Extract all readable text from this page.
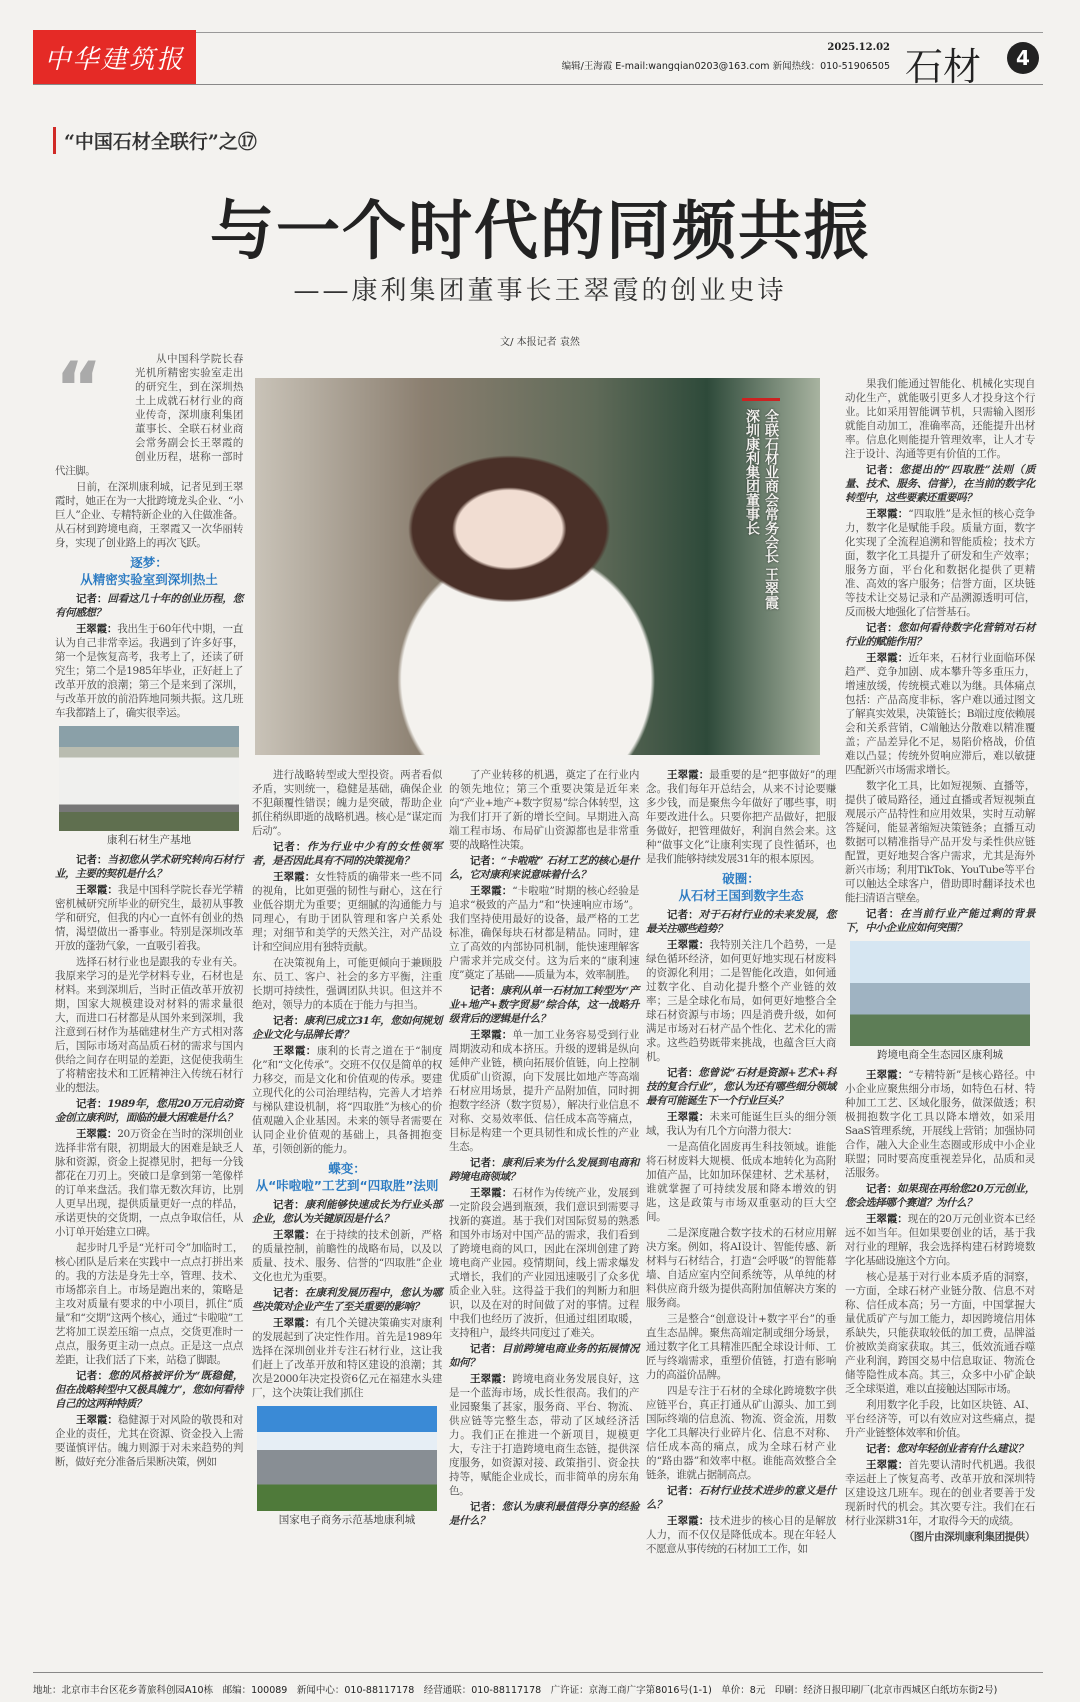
中华建筑报	2025.12.02
编辑/王海霞 E-mail:wangqian0203@163.com 新闻热线：010-51906505 石材	4
“中国石材全联行”之⑰
与一个时代的同频共振
——康利集团董事长王翠霞的创业史诗
文/ 本报记者 袁然
“	从中国科学院长春光机所精密实验室走出的研究生，到在深圳热土上成就石材行业的商业传奇，深圳康利集团董事长、全联石材业商会常务副会长王翠霞的创业历程，堪称一部时代注脚。

日前，在深圳康利城，记者见到王翠霞时，她正在为一大批跨境龙头企业、“小巨人”企业、专精特新企业的入住做准备。从石材到跨境电商，王翠霞又一次华丽转身，实现了创业路上的再次飞跃。

逐梦：
从精密实验室到深圳热土

记者：回看这几十年的创业历程，您有何感想？

王翠霞：我出生于60年代中期，一直认为自己非常幸运。我遇到了许多好事，第一个是恢复高考，我考上了，还读了研究生；第二个是1985年毕业，正好赶上了改革开放的浪潮；第三个是来到了深圳，与改革开放的前沿阵地同频共振。这几班车我都踏上了，确实很幸运。

康利石材生产基地

记者：当初您从学术研究转向石材行业，主要的契机是什么？

王翠霞：我是中国科学院长春光学精密机械研究所毕业的研究生，最初从事教学和研究，但我的内心一直怀有创业的热情，渴望做出一番事业。特别是深圳改革开放的蓬勃气象，一直吸引着我。

选择石材行业也是跟我的专业有关。我原来学习的是光学材料专业，石材也是材料。来到深圳后，当时正值改革开放初期，国家大规模建设对材料的需求量很大，而进口石材都是从国外来到深圳，我注意到石材作为基础建材生产方式相对落后，国际市场对高品质石材的需求与国内供给之间存在明显的差距，这促使我萌生了将精密技术和工匠精神注入传统石材行业的想法。

记者：1989年，您用20万元启动资金创立康利时，面临的最大困难是什么？

王翠霞：20万资金在当时的深圳创业选择非常有限，初期最大的困难是缺乏人脉和资源，资金上捉襟见肘，把每一分钱都花在刀刃上。突破口是拿到第一笔像样的订单来盘活。我们靠无数次拜访，比别人更早出现，提供质量更好一点的样品，承诺更快的交货期，一点点争取信任，从小订单开始建立口碑。

起步时几乎是“光杆司令”加临时工，核心团队是后来在实践中一点点打拼出来的。我的方法是身先士卒，管理、技术、市场都亲自上。市场是跑出来的，策略是主攻对质量有要求的中小项目，抓住“质量”和“交期”这两个核心，通过“卡啦啦”工艺将加工误差压缩一点点，交货更准时一点点，服务更主动一点点。正是这一点点差距，让我们活了下来，站稳了脚跟。

记者：您的风格被评价为“既稳健，但在战略转型中又极具魄力”，您如何看待自己的这两种特质？

王翠霞：稳健源于对风险的敬畏和对企业的责任，尤其在资源、资金投入上需要谨慎评估。魄力则源于对未来趋势的判断，做好充分准备后果断决策，例如

全联石材业商会常务会长 王翠霞
深圳康利集团董事长

进行战略转型或大型投资。两者看似矛盾，实则统一，稳健是基础，确保企业不犯颠覆性错误；魄力是突破，帮助企业抓住稍纵即逝的战略机遇。核心是“谋定而后动”。

记者：作为行业中少有的女性领军者，是否因此具有不同的决策视角？

王翠霞：女性特质的确带来一些不同的视角，比如更强的韧性与耐心，这在行业低谷期尤为重要；更细腻的沟通能力与同理心，有助于团队管理和客户关系处理；对细节和美学的天然关注，对产品设计和空间应用有独特贡献。

在决策视角上，可能更倾向于兼顾股东、员工、客户、社会的多方平衡，注重长期可持续性，强调团队共识。但这并不绝对，领导力的本质在于能力与担当。

记者：康利已成立31年，您如何规划企业文化与品牌长青？

王翠霞：康利的长青之道在于“制度化”和“文化传承”。交班不仅仅是简单的权力移交，而是文化和价值观的传承。要建立现代化的公司治理结构，完善人才培养与梯队建设机制，将“四取胜”为核心的价值观融入企业基因。未来的领导者需要在认同企业价值观的基础上，具备拥抱变革，引领创新的能力。

蝶变：
从“咔啦啦”工艺到“四取胜”法则

记者：康利能够快速成长为行业头部企业，您认为关键原因是什么？

王翠霞：在于持续的技术创新，严格的质量控制，前瞻性的战略布局，以及以质量、技术、服务、信誉的“四取胜”企业文化也尤为重要。

记者：在康利发展历程中，您认为哪些决策对企业产生了至关重要的影响？

王翠霞：有几个关键决策确实对康利的发展起到了决定性作用。首先是1989年选择在深圳创业并专注石材行业，这让我们赶上了改革开放和特区建设的浪潮；其次是2000年决定投资6亿元在福建水头建厂，这个决策让我们抓住

国家电子商务示范基地康利城

了产业转移的机遇，奠定了在行业内的领先地位；第三个重要决策是近年来向“产业+地产+数字贸易”综合体转型，这为我们打开了新的增长空间。早期进入高端工程市场、布局矿山资源都也是非常重要的战略性决策。

记者：“卡啦啦” 石材工艺的核心是什么，它对康利来说意味着什么？

王翠霞：“卡啦啦”时期的核心经验是追求“极致的产品力”和“快速响应市场”。我们坚持使用最好的设备，最严格的工艺标准，确保每块石材都是精品。同时，建立了高效的内部协同机制，能快速理解客户需求并完成交付。这为后来的“康利速度”奠定了基础——质量为本，效率制胜。

记者：康利从单一石材加工转型为“产业+地产+数字贸易”综合体，这一战略升级背后的逻辑是什么？

王翠霞：单一加工业务容易受到行业周期波动和成本挤压。升级的逻辑是纵向延伸产业链，横向拓展价值链，向上控制优质矿山资源，向下发展比如地产等高端石材应用场景，提升产品附加值，同时拥抱数字经济（数字贸易），解决行业信息不对称、交易效率低、信任成本高等痛点，目标是构建一个更具韧性和成长性的产业生态。

记者：康利后来为什么发展到电商和跨境电商领域？

王翠霞：石材作为传统产业，发展到一定阶段会遇到瓶颈，我们意识到需要寻找新的赛道。基于我们对国际贸易的熟悉和国外市场对中国产品的需求，我们看到了跨境电商的风口，因此在深圳创建了跨境电商产业园。疫情期间，线上需求爆发式增长，我们的产业园迅速吸引了众多优质企业入驻。这得益于我们的判断力和胆识，以及在对的时间做了对的事情。过程中我们也经历了波折，但通过组团取暖，支持租户，最终共同度过了难关。

记者：目前跨境电商业务的拓展情况如何？

王翠霞：跨境电商业务发展良好，这是一个蓝海市场，成长性很高。我们的产业园聚集了甚家，服务商、平台、物流、供应链等完整生态，带动了区域经济活力。我们正在推进一个新项目，规模更大，专注于打造跨境电商生态链，提供深度服务，如资源对接、政策指引、资金扶持等，赋能企业成长，而非简单的房东角色。

记者：您认为康利最值得分享的经验是什么？

王翠霞：最重要的是“把事做好”的理念。我们每年开总结会，从来不讨论要赚多少钱，而是聚焦今年做好了哪些事，明年要改进什么。只要你把产品做好，把服务做好，把管理做好，利润自然会来。这种“做事文化”让康利实现了良性循环，也是我们能够持续发展31年的根本原因。

破圈：
从石材王国到数字生态

记者：对于石材行业的未来发展，您最关注哪些趋势？

王翠霞：我特别关注几个趋势，一是绿色循环经济，如何更好地实现石材废料的资源化利用；二是智能化改造，如何通过数字化、自动化提升整个产业链的效率；三是全球化布局，如何更好地整合全球石材资源与市场；四是消费升级，如何满足市场对石材产品个性化、艺术化的需求。这些趋势既带来挑战，也蕴含巨大商机。

记者：您曾说“石材是资源+艺术+科技的复合行业”，您认为还有哪些细分领域最有可能诞生下一个行业巨头？

王翠霞：未来可能诞生巨头的细分领域，我认为有几个方向潜力很大：

一是高值化固废再生科技领域。谁能将石材废料大规模、低成本地转化为高附加值产品，比如加环保建材、艺术基材，谁就掌握了可持续发展和降本增效的钥匙，这是政策与市场双重驱动的巨大空间。

二是深度融合数字技术的石材应用解决方案。例如，将AI设计、智能传感、新材料与石材结合，打造“会呼吸”的智能幕墙、自适应室内空间系统等，从单纯的材料供应商升级为提供高附加值解决方案的服务商。

三是整合“创意设计+数字平台”的垂直生态品牌。聚焦高端定制或细分场景，通过数字化工具精准匹配全球设计师、工匠与终端需求，重塑价值链，打造有影响力的高溢价品牌。

四是专注于石材的全球化跨境数字供应链平台，真正打通从矿山源头、加工到国际终端的信息流、物流、资金流，用数字化工具解决行业碎片化、信息不对称、信任成本高的痛点，成为全球石材产业的“路由器”和效率中枢。谁能高效整合全链条，谁就占据制高点。

记者：石材行业技术进步的意义是什么？

王翠霞：技术进步的核心目的是解放人力，而不仅仅是降低成本。现在年轻人不愿意从事传统的石材加工工作，如

果我们能通过智能化、机械化实现自动化生产，就能吸引更多人才投身这个行业。比如采用智能调节机，只需输入图形就能自动加工，准确率高，还能提升出材率。信息化则能提升管理效率，让人才专注于设计、沟通等更有价值的工作。

记者：您提出的“四取胜”法则（质量、技术、服务、信誉），在当前的数字化转型中，这些要素还重要吗？

王翠霞：“四取胜”是永恒的核心竞争力，数字化是赋能手段。质量方面，数字化实现了全流程追溯和智能质检；技术方面，数字化工具提升了研发和生产效率；服务方面，平台化和数据化提供了更精准、高效的客户服务；信誉方面，区块链等技术让交易记录和产品溯源透明可信，反而极大地强化了信誉基石。

记者：您如何看待数字化营销对石材行业的赋能作用？

王翠霞：近年来，石材行业面临环保趋严、竞争加剧、成本攀升等多重压力，增速放缓，传统模式难以为继。具体痛点包括：产品高度非标，客户难以通过图文了解真实效果，决策链长；B端过度依赖展会和关系营销，C端触达分散难以精准覆盖；产品差异化不足，易陷价格战，价值难以凸显；传统外贸响应滞后，难以敏捷匹配新兴市场需求增长。

数字化工具，比如短视频、直播等，提供了破局路径，通过直播或者短视频直观展示产品特性和应用效果，实时互动解答疑问，能显著缩短决策链条；直播互动数据可以精准指导产品开发与柔性供应链配置，更好地契合客户需求，尤其是海外新兴市场；利用TikTok、YouTube等平台可以触达全球客户，借助即时翻译技术也能扫清语言壁垒。

记者：在当前行业产能过剩的背景下，中小企业应如何突围？

跨境电商全生态园区康利城

王翠霞：“专精特新”是核心路径。中小企业应聚焦细分市场，如特色石材、特种加工工艺、区域化服务，做深做透；积极拥抱数字化工具以降本增效，如采用SaaS管理系统，开展线上营销；加强协同合作，融入大企业生态圈或形成中小企业联盟；同时要高度重视差异化，品质和灵活服务。

记者：如果现在再给您20万元创业，您会选择哪个赛道？为什么？

王翠霞：现在的20万元创业资本已经远不如当年。但如果要创业的话，基于我对行业的理解，我会选择构建石材跨境数字化基础设施这个方向。

核心是基于对行业本质矛盾的洞察，一方面，全球石材产业链分散、信息不对称、信任成本高；另一方面，中国掌握大量优质矿产与加工能力，却因跨境信用体系缺失，只能获取较低的加工费，品牌溢价被欧美商家获取。其三，低效流通吞噬产业利润，跨国交易中信息取证、物流仓储等隐性成本高。其三，众多中小矿企缺乏全球渠道，难以直接触达国际市场。

利用数字化手段，比如区块链、AI、平台经济等，可以有效应对这些痛点，提升产业链整体效率和价值。

记者：您对年轻创业者有什么建议？

王翠霞：首先要认清时代机遇。我很幸运赶上了恢复高考、改革开放和深圳特区建设这几班车。现在的创业者要善于发现新时代的机会。其次要专注。我们在石材行业深耕31年，才取得今天的成绩。

（图片由深圳康利集团提供）

地址：北京市丰台区花乡菁旅科创园A10栋　邮编：100089　新闻中心：010-88117178　经营通联：010-88117178　广许证：京海工商广字第8016号(1-1)　单价：8元　印刷：经济日报印刷厂(北京市西城区白纸坊东街2号)
